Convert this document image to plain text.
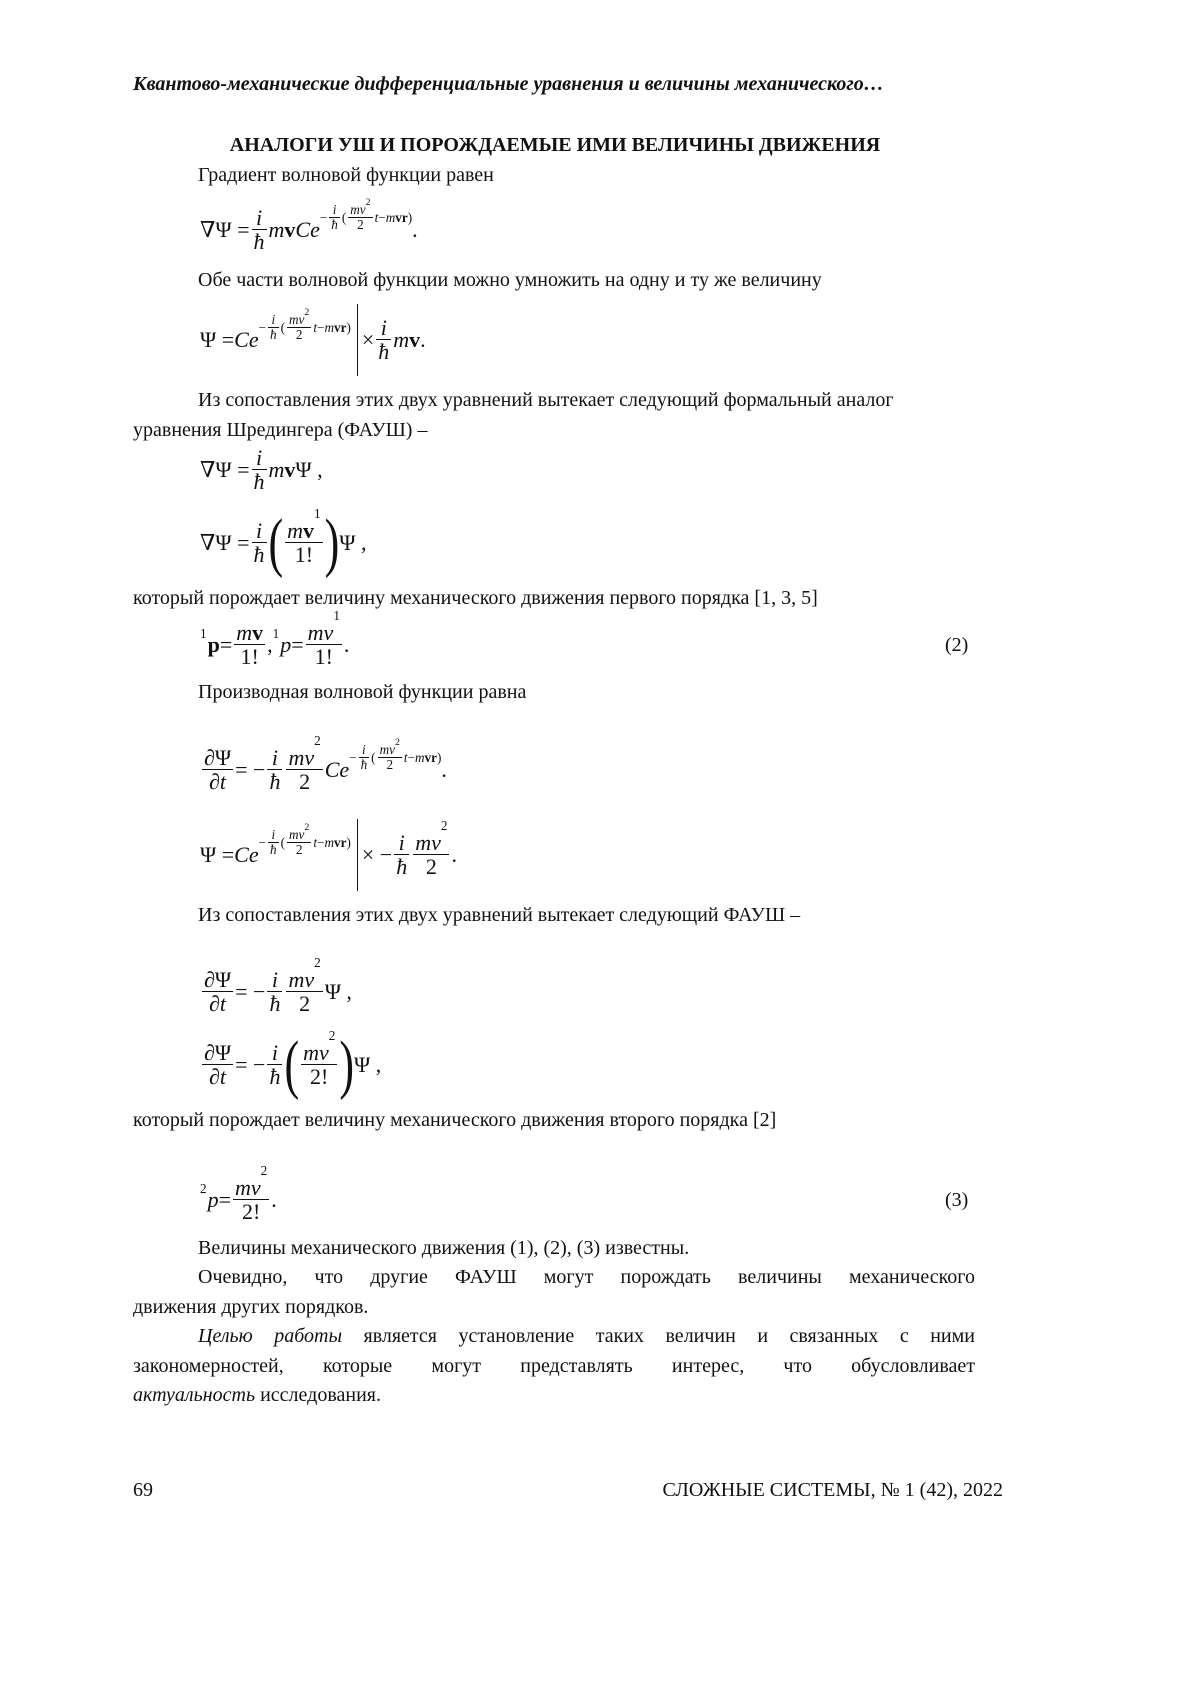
Квантово-механические дифференциальные уравнения и величины механического…
АНАЛОГИ УШ И ПОРОЖДАЕМЫЕ ИМИ ВЕЛИЧИНЫ ДВИЖЕНИЯ
Градиент волновой функции равен
$\nabla\Psi = \frac{i}{ħ}$ m v $Ce - \frac{i}{ħ}$ ( mv
2
2 t − m vr ) .
Обе части волновой функции можно умножить на одну и ту же величину
$\Psi = Ce - \frac{i}{ħ}$ ( mv
2
2 t − m vr ) × $\frac{i}{ħ}$ m v .
Из сопоставления этих двух уравнений вытекает следующий формальный аналог
уравнения Шредингера (ФАУШ) –
$\nabla\Psi = \frac{i}{ħ}$ m v Ψ ,
$\nabla\Psi = \frac{i}{ħ}$ ( mv
1
1! ) Ψ ,
который порождает величину механического движения первого порядка [1, 3, 5]
1 $p = \frac{mv}{1!}$ , 1 p = mv
1
1! .	(2)
Производная волновой функции равна
$\frac{\partial\Psi}{\partial t}$ = − $\frac{i}{ħ}$ mv
2
2 $Ce - \frac{i}{ħ}$ ( mv
2
2 t − m vr ) .
$\Psi = Ce - \frac{i}{ħ}$ ( mv
2
2 t − m vr ) × − $\frac{i}{ħ}$ mv
2
2 .
Из сопоставления этих двух уравнений вытекает следующий ФАУШ –
$\frac{\partial\Psi}{\partial t}$ = − $\frac{i}{ħ}$ mv
2
2 Ψ ,
$\frac{\partial\Psi}{\partial t}$ = − $\frac{i}{ħ}$ ( mv
2
2! ) Ψ ,
который порождает величину механического движения второго порядка [2]
2 p = mv
2
2! .	(3)
Величины механического движения (1), (2), (3) известны.
Очевидно, что другие ФАУШ могут порождать величины механического
движения других порядков.
Целью работы является установление таких величин и связанных с ними
закономерностей, которые могут представлять интерес, что обусловливает
актуальность исследования.
69	СЛОЖНЫЕ СИСТЕМЫ, № 1 (42), 2022
